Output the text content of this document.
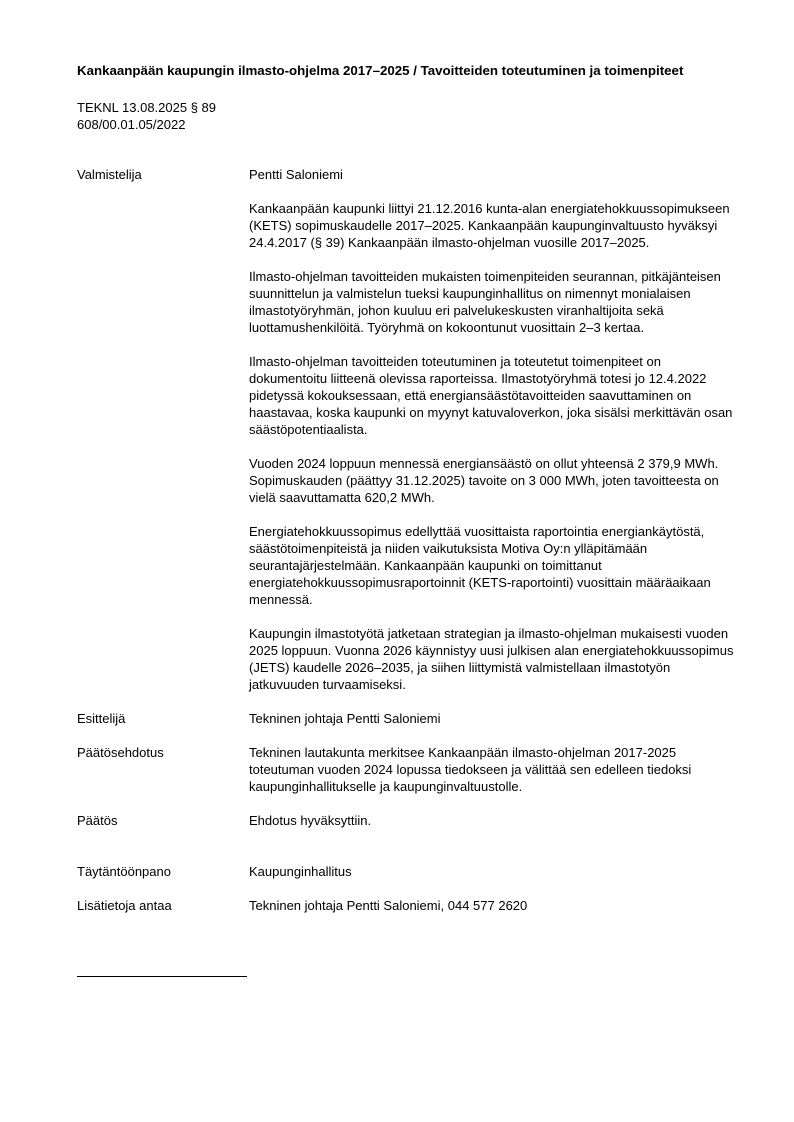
Kankaanpään kaupungin ilmasto-ohjelma 2017–2025 / Tavoitteiden toteutuminen ja toimenpiteet
TEKNL 13.08.2025 § 89
608/00.01.05/2022
Valmistelija	Pentti Saloniemi

Kankaanpään kaupunki liittyi 21.12.2016 kunta-alan energiatehokkuussopimukseen (KETS) sopimuskaudelle 2017–2025. Kankaanpään kaupunginvaltuusto hyväksyi 24.4.2017 (§ 39) Kankaanpään ilmasto-ohjelman vuosille 2017–2025.

Ilmasto-ohjelman tavoitteiden mukaisten toimenpiteiden seurannan, pitkäjänteisen suunnittelun ja valmistelun tueksi kaupunginhallitus on nimennyt monialaisen ilmastotyöryhmän, johon kuuluu eri palvelukeskusten viranhaltijoita sekä luottamushenkilöitä. Työryhmä on kokoontunut vuosittain 2–3 kertaa.

Ilmasto-ohjelman tavoitteiden toteutuminen ja toteutetut toimenpiteet on dokumentoitu liitteenä olevissa raporteissa. Ilmastotyöryhmä totesi jo 12.4.2022 pidetyssä kokouksessaan, että energiansäästötavoitteiden saavuttaminen on haastavaa, koska kaupunki on myynyt katuvaloverkon, joka sisälsi merkittävän osan säästöpotentiaalista.

Vuoden 2024 loppuun mennessä energiansäästö on ollut yhteensä 2 379,9 MWh. Sopimuskauden (päättyy 31.12.2025) tavoite on 3 000 MWh, joten tavoitteesta on vielä saavuttamatta 620,2 MWh.

Energiatehokkuussopimus edellyttää vuosittaista raportointia energiankäytöstä, säästötoimenpiteistä ja niiden vaikutuksista Motiva Oy:n ylläpitämään seurantajärjestelmään. Kankaanpään kaupunki on toimittanut energiatehokkuussopimusraportoinnit (KETS-raportointi) vuosittain määräaikaan mennessä.

Kaupungin ilmastotyötä jatketaan strategian ja ilmasto-ohjelman mukaisesti vuoden 2025 loppuun. Vuonna 2026 käynnistyy uusi julkisen alan energiatehokkuussopimus (JETS) kaudelle 2026–2035, ja siihen liittymistä valmistellaan ilmastotyön jatkuvuuden turvaamiseksi.

Esittelijä	Tekninen johtaja Pentti Saloniemi
Päätösehdotus	Tekninen lautakunta merkitsee Kankaanpään ilmasto-ohjelman 2017-2025 toteutuman vuoden 2024 lopussa tiedokseen ja välittää sen edelleen tiedoksi kaupunginhallitukselle ja kaupunginvaltuustolle.
Päätös	Ehdotus hyväksyttiin.
Täytäntöönpano	Kaupunginhallitus
Lisätietoja antaa	Tekninen johtaja Pentti Saloniemi, 044 577 2620
